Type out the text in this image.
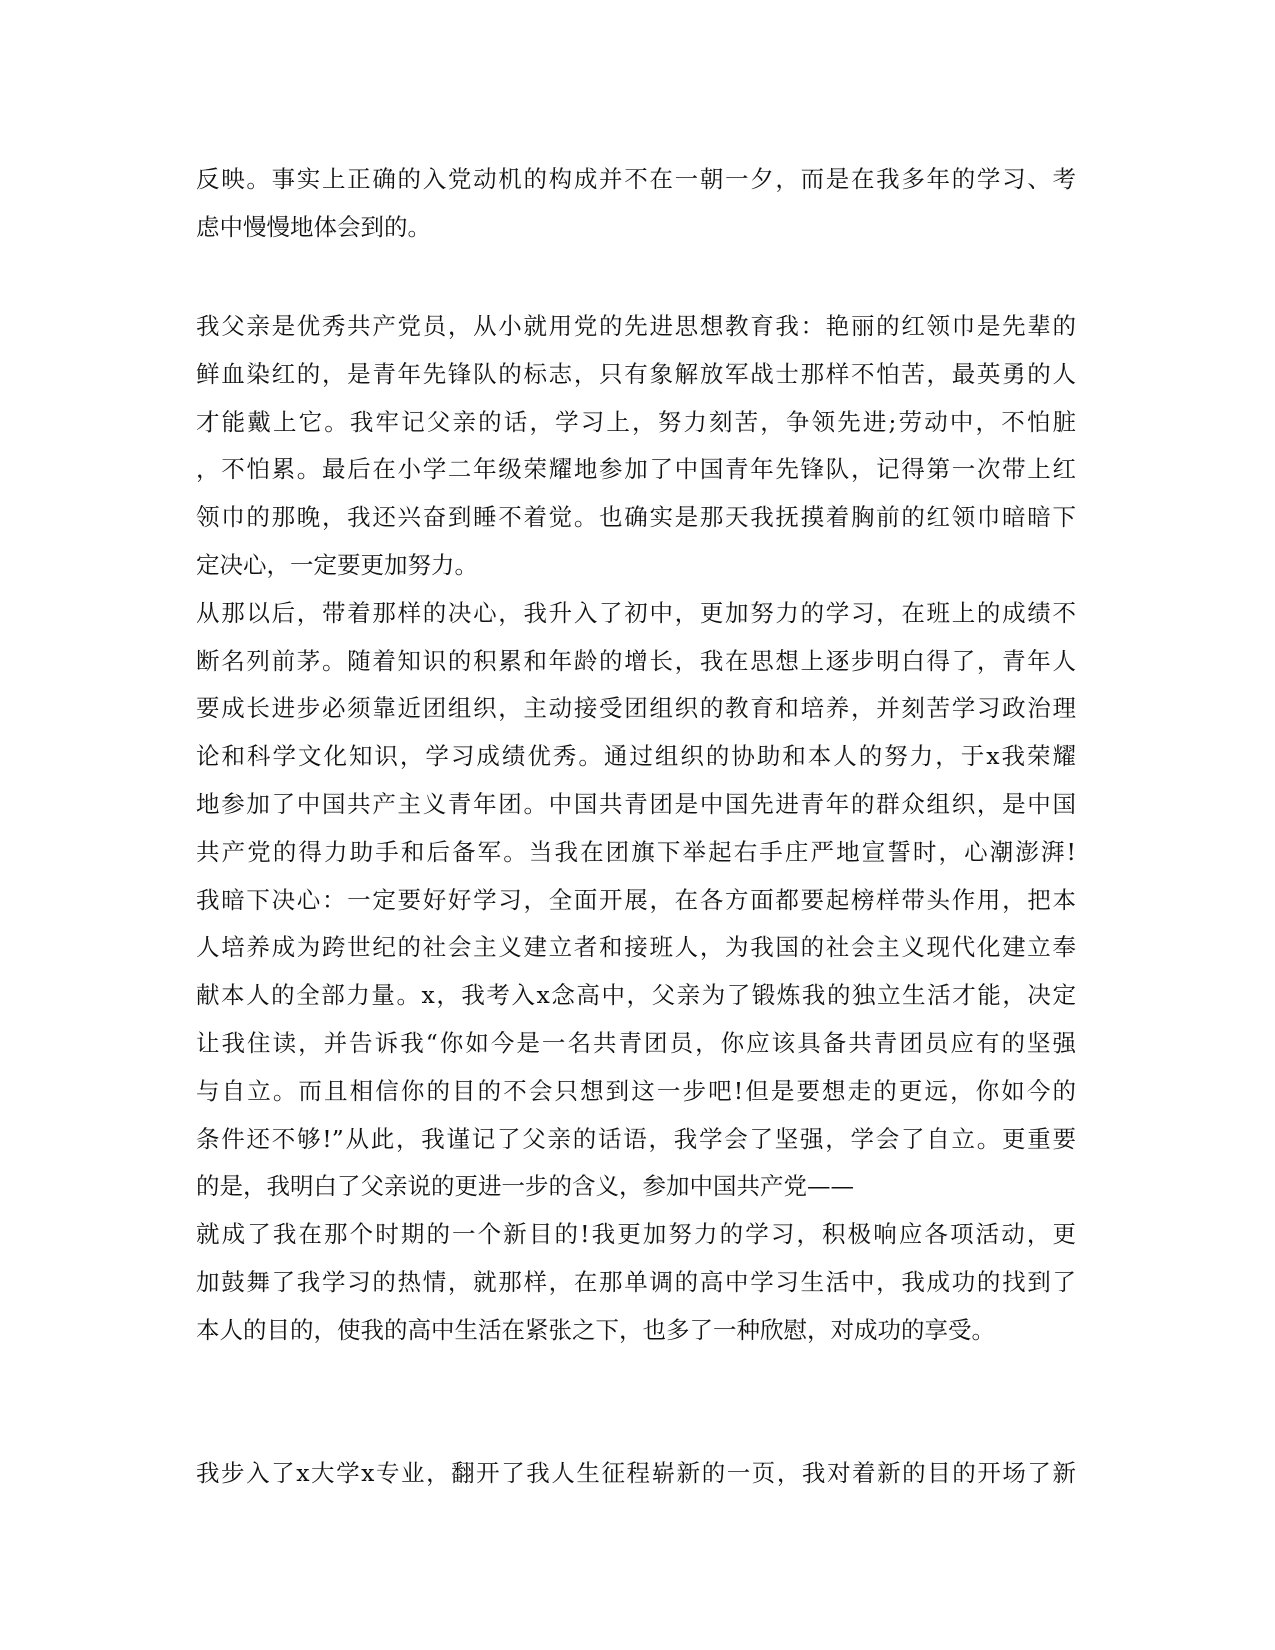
反映。事实上正确的入党动机的构成并不在一朝一夕，而是在我多年的学习、考
虑中慢慢地体会到的。
我父亲是优秀共产党员，从小就用党的先进思想教育我：艳丽的红领巾是先辈的
鲜血染红的，是青年先锋队的标志，只有象解放军战士那样不怕苦，最英勇的人
才能戴上它。我牢记父亲的话，学习上，努力刻苦，争领先进;劳动中，不怕脏
，不怕累。最后在小学二年级荣耀地参加了中国青年先锋队，记得第一次带上红
领巾的那晚，我还兴奋到睡不着觉。也确实是那天我抚摸着胸前的红领巾暗暗下
定决心，一定要更加努力。
从那以后，带着那样的决心，我升入了初中，更加努力的学习，在班上的成绩不
断名列前茅。随着知识的积累和年龄的增长，我在思想上逐步明白得了，青年人
要成长进步必须靠近团组织，主动接受团组织的教育和培养，并刻苦学习政治理
论和科学文化知识，学习成绩优秀。通过组织的协助和本人的努力，于x我荣耀
地参加了中国共产主义青年团。中国共青团是中国先进青年的群众组织，是中国
共产党的得力助手和后备军。当我在团旗下举起右手庄严地宣誓时，心潮澎湃!
我暗下决心：一定要好好学习，全面开展，在各方面都要起榜样带头作用，把本
人培养成为跨世纪的社会主义建立者和接班人，为我国的社会主义现代化建立奉
献本人的全部力量。x，我考入x念高中，父亲为了锻炼我的独立生活才能，决定
让我住读，并告诉我“你如今是一名共青团员，你应该具备共青团员应有的坚强
与自立。而且相信你的目的不会只想到这一步吧!但是要想走的更远，你如今的
条件还不够!”从此，我谨记了父亲的话语，我学会了坚强，学会了自立。更重要
的是，我明白了父亲说的更进一步的含义，参加中国共产党——
就成了我在那个时期的一个新目的!我更加努力的学习，积极响应各项活动，更
加鼓舞了我学习的热情，就那样，在那单调的高中学习生活中，我成功的找到了
本人的目的，使我的高中生活在紧张之下，也多了一种欣慰，对成功的享受。
我步入了x大学x专业，翻开了我人生征程崭新的一页，我对着新的目的开场了新
